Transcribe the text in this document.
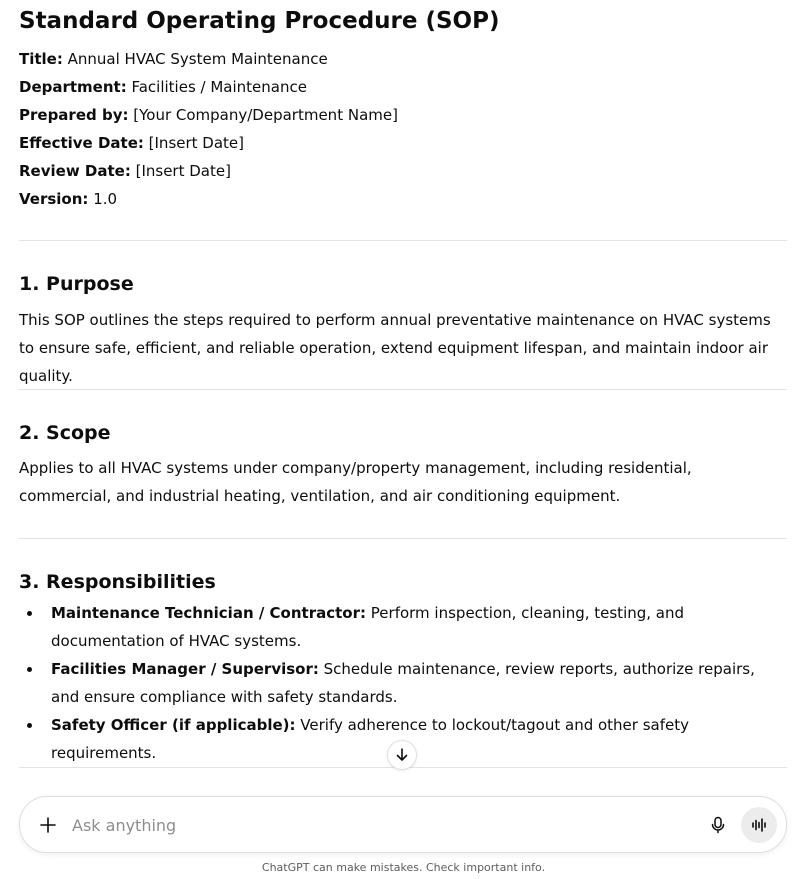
Standard Operating Procedure (SOP)
Title: Annual HVAC System Maintenance
Department: Facilities / Maintenance
Prepared by: [Your Company/Department Name]
Effective Date: [Insert Date]
Review Date: [Insert Date]
Version: 1.0
1. Purpose

This SOP outlines the steps required to perform annual preventative maintenance on HVAC systems to ensure safe, efficient, and reliable operation, extend equipment lifespan, and maintain indoor air quality.

2. Scope

Applies to all HVAC systems under company/property management, including residential, commercial, and industrial heating, ventilation, and air conditioning equipment.

3. Responsibilities
Maintenance Technician / Contractor: Perform inspection, cleaning, testing, and documentation of HVAC systems.
Facilities Manager / Supervisor: Schedule maintenance, review reports, authorize repairs, and ensure compliance with safety standards.
Safety Officer (if applicable): Verify adherence to lockout/tagout and other safety requirements.
Ask anything
ChatGPT can make mistakes. Check important info.
